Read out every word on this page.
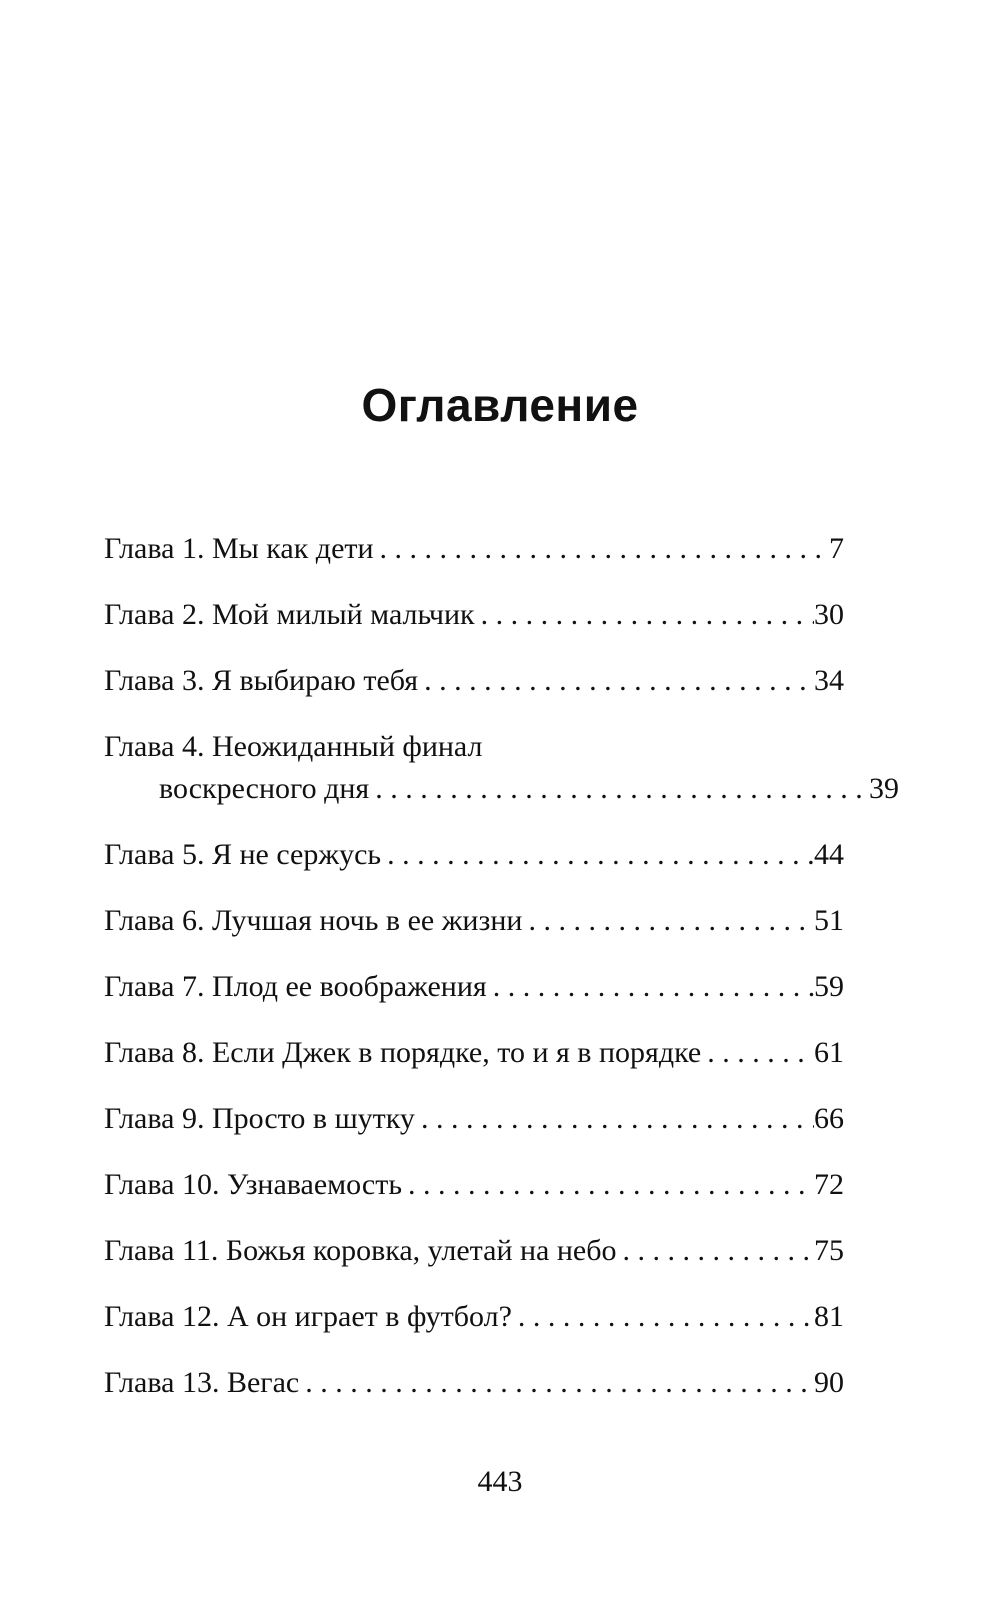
Оглавление
Глава 1. Мы как дети . . .	7
Глава 2. Мой милый мальчик . . .	30
Глава 3. Я выбираю тебя . . .	34
Глава 4. Неожиданный финал
воскресного дня . . .	39
Глава 5. Я не сержусь . . .	44
Глава 6. Лучшая ночь в ее жизни . . .	51
Глава 7. Плод ее воображения . . .	59
Глава 8. Если Джек в порядке, то и я в порядке . . .	61
Глава 9. Просто в шутку . . .	66
Глава 10. Узнаваемость . . .	72
Глава 11. Божья коровка, улетай на небо . . .	75
Глава 12. А он играет в футбол? . . .	81
Глава 13. Вегас . . .	90
443
